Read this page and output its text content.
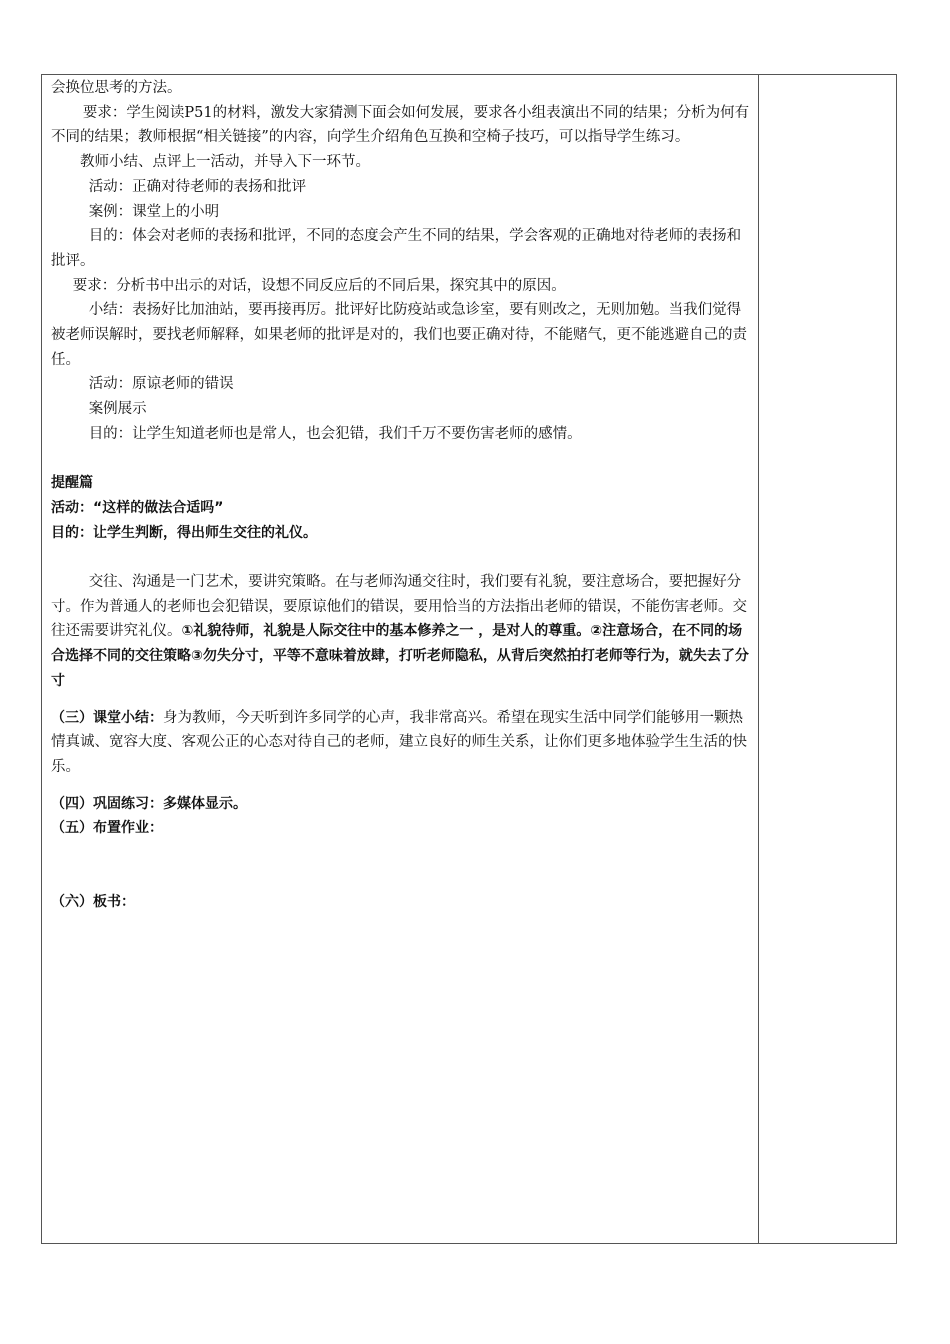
会换位思考的方法。

要求：学生阅读P51的材料，激发大家猜测下面会如何发展，要求各小组表演出不同的结果；分析为何有不同的结果；教师根据“相关链接”的内容，向学生介绍角色互换和空椅子技巧，可以指导学生练习。

教师小结、点评上一活动，并导入下一环节。

活动：正确对待老师的表扬和批评

案例：课堂上的小明

目的：体会对老师的表扬和批评，不同的态度会产生不同的结果，学会客观的正确地对待老师的表扬和批评。

要求：分析书中出示的对话，设想不同反应后的不同后果，探究其中的原因。

小结：表扬好比加油站，要再接再厉。批评好比防疫站或急诊室，要有则改之，无则加勉。当我们觉得被老师误解时，要找老师解释，如果老师的批评是对的，我们也要正确对待，不能赌气，更不能逃避自己的责任。

活动：原谅老师的错误

案例展示

目的：让学生知道老师也是常人，也会犯错，我们千万不要伤害老师的感情。

提醒篇

活动：“这样的做法合适吗”

目的：让学生判断，得出师生交往的礼仪。

交往、沟通是一门艺术，要讲究策略。在与老师沟通交往时，我们要有礼貌，要注意场合，要把握好分寸。作为普通人的老师也会犯错误，要原谅他们的错误，要用恰当的方法指出老师的错误，不能伤害老师。交往还需要讲究礼仪。①礼貌待师，礼貌是人际交往中的基本修养之一 ，是对人的尊重。②注意场合，在不同的场合选择不同的交往策略③勿失分寸，平等不意味着放肆，打听老师隐私，从背后突然拍打老师等行为，就失去了分寸

（三）课堂小结：身为教师，今天听到许多同学的心声，我非常高兴。希望在现实生活中同学们能够用一颗热情真诚、宽容大度、客观公正的心态对待自己的老师，建立良好的师生关系，让你们更多地体验学生生活的快乐。

（四）巩固练习：多媒体显示。

（五）布置作业：

（六）板书：
